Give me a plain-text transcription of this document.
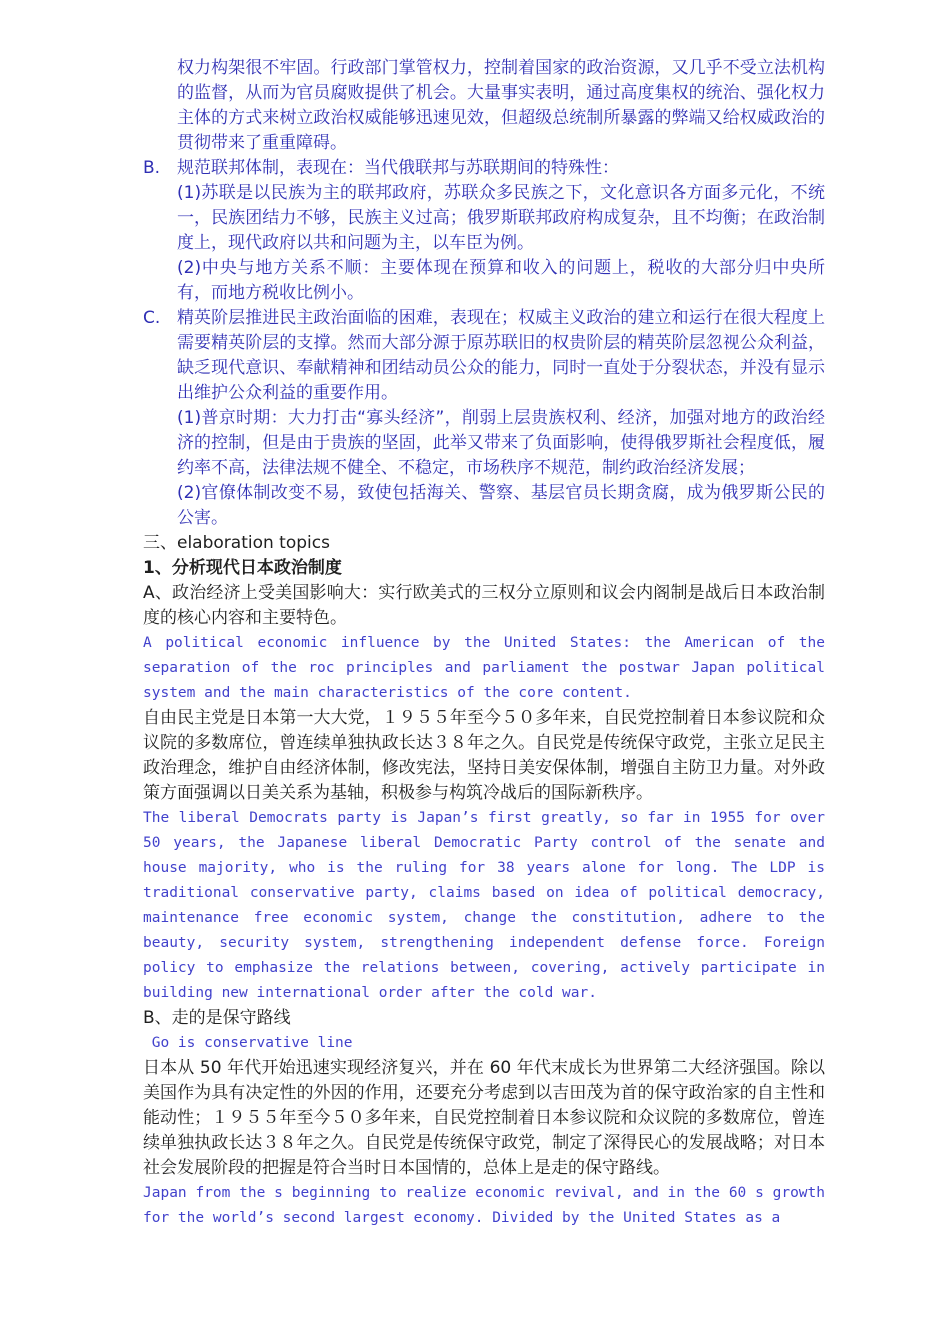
权力构架很不牢固。行政部门掌管权力，控制着国家的政治资源，又几乎不受立法机构的监督，从而为官员腐败提供了机会。大量事实表明，通过高度集权的统治、强化权力主体的方式来树立政治权威能够迅速见效，但超级总统制所暴露的弊端又给权威政治的贯彻带来了重重障碍。
B. 规范联邦体制，表现在：当代俄联邦与苏联期间的特殊性：
(1)苏联是以民族为主的联邦政府，苏联众多民族之下，文化意识各方面多元化，不统一，民族团结力不够，民族主义过高；俄罗斯联邦政府构成复杂，且不均衡；在政治制度上，现代政府以共和问题为主，以车臣为例。
(2)中央与地方关系不顺：主要体现在预算和收入的问题上，税收的大部分归中央所有，而地方税收比例小。
C. 精英阶层推进民主政治面临的困难，表现在；权威主义政治的建立和运行在很大程度上需要精英阶层的支撑。然而大部分源于原苏联旧的权贵阶层的精英阶层忽视公众利益，缺乏现代意识、奉献精神和团结动员公众的能力，同时一直处于分裂状态，并没有显示出维护公众利益的重要作用。
(1)普京时期：大力打击“寡头经济”，削弱上层贵族权利、经济，加强对地方的政治经济的控制，但是由于贵族的坚固，此举又带来了负面影响，使得俄罗斯社会程度低，履约率不高，法律法规不健全、不稳定，市场秩序不规范，制约政治经济发展；
(2)官僚体制改变不易，致使包括海关、警察、基层官员长期贪腐，成为俄罗斯公民的公害。
三、elaboration topics
1、分析现代日本政治制度
A、政治经济上受美国影响大：实行欧美式的三权分立原则和议会内阁制是战后日本政治制度的核心内容和主要特色。
A political economic influence by the United States: the American of the separation of the roc principles and parliament the postwar Japan political system and the main characteristics of the core content.
自由民主党是日本第一大大党，１９５５年至今５０多年来，自民党控制着日本参议院和众议院的多数席位，曾连续单独执政长达３８年之久。自民党是传统保守政党，主张立足民主政治理念，维护自由经济体制，修改宪法，坚持日美安保体制，增强自主防卫力量。对外政策方面强调以日美关系为基轴，积极参与构筑冷战后的国际新秩序。
The liberal Democrats party is Japan’s first greatly, so far in 1955 for over 50 years, the Japanese liberal Democratic Party control of the senate and house majority, who is the ruling for 38 years alone for long. The LDP is traditional conservative party, claims based on idea of political democracy, maintenance free economic system, change the constitution, adhere to the beauty, security system, strengthening independent defense force. Foreign policy to emphasize the relations between, covering, actively participate in building new international order after the cold war.
B、走的是保守路线
Go is conservative line
日本从 50 年代开始迅速实现经济复兴，并在 60 年代末成长为世界第二大经济强国。除以美国作为具有决定性的外因的作用，还要充分考虑到以吉田茂为首的保守政治家的自主性和能动性；１９５５年至今５０多年来，自民党控制着日本参议院和众议院的多数席位，曾连续单独执政长达３８年之久。自民党是传统保守政党，制定了深得民心的发展战略；对日本社会发展阶段的把握是符合当时日本国情的，总体上是走的保守路线。
Japan from the s beginning to realize economic revival, and in the 60 s growth for the world’s second largest economy. Divided by the United States as a
